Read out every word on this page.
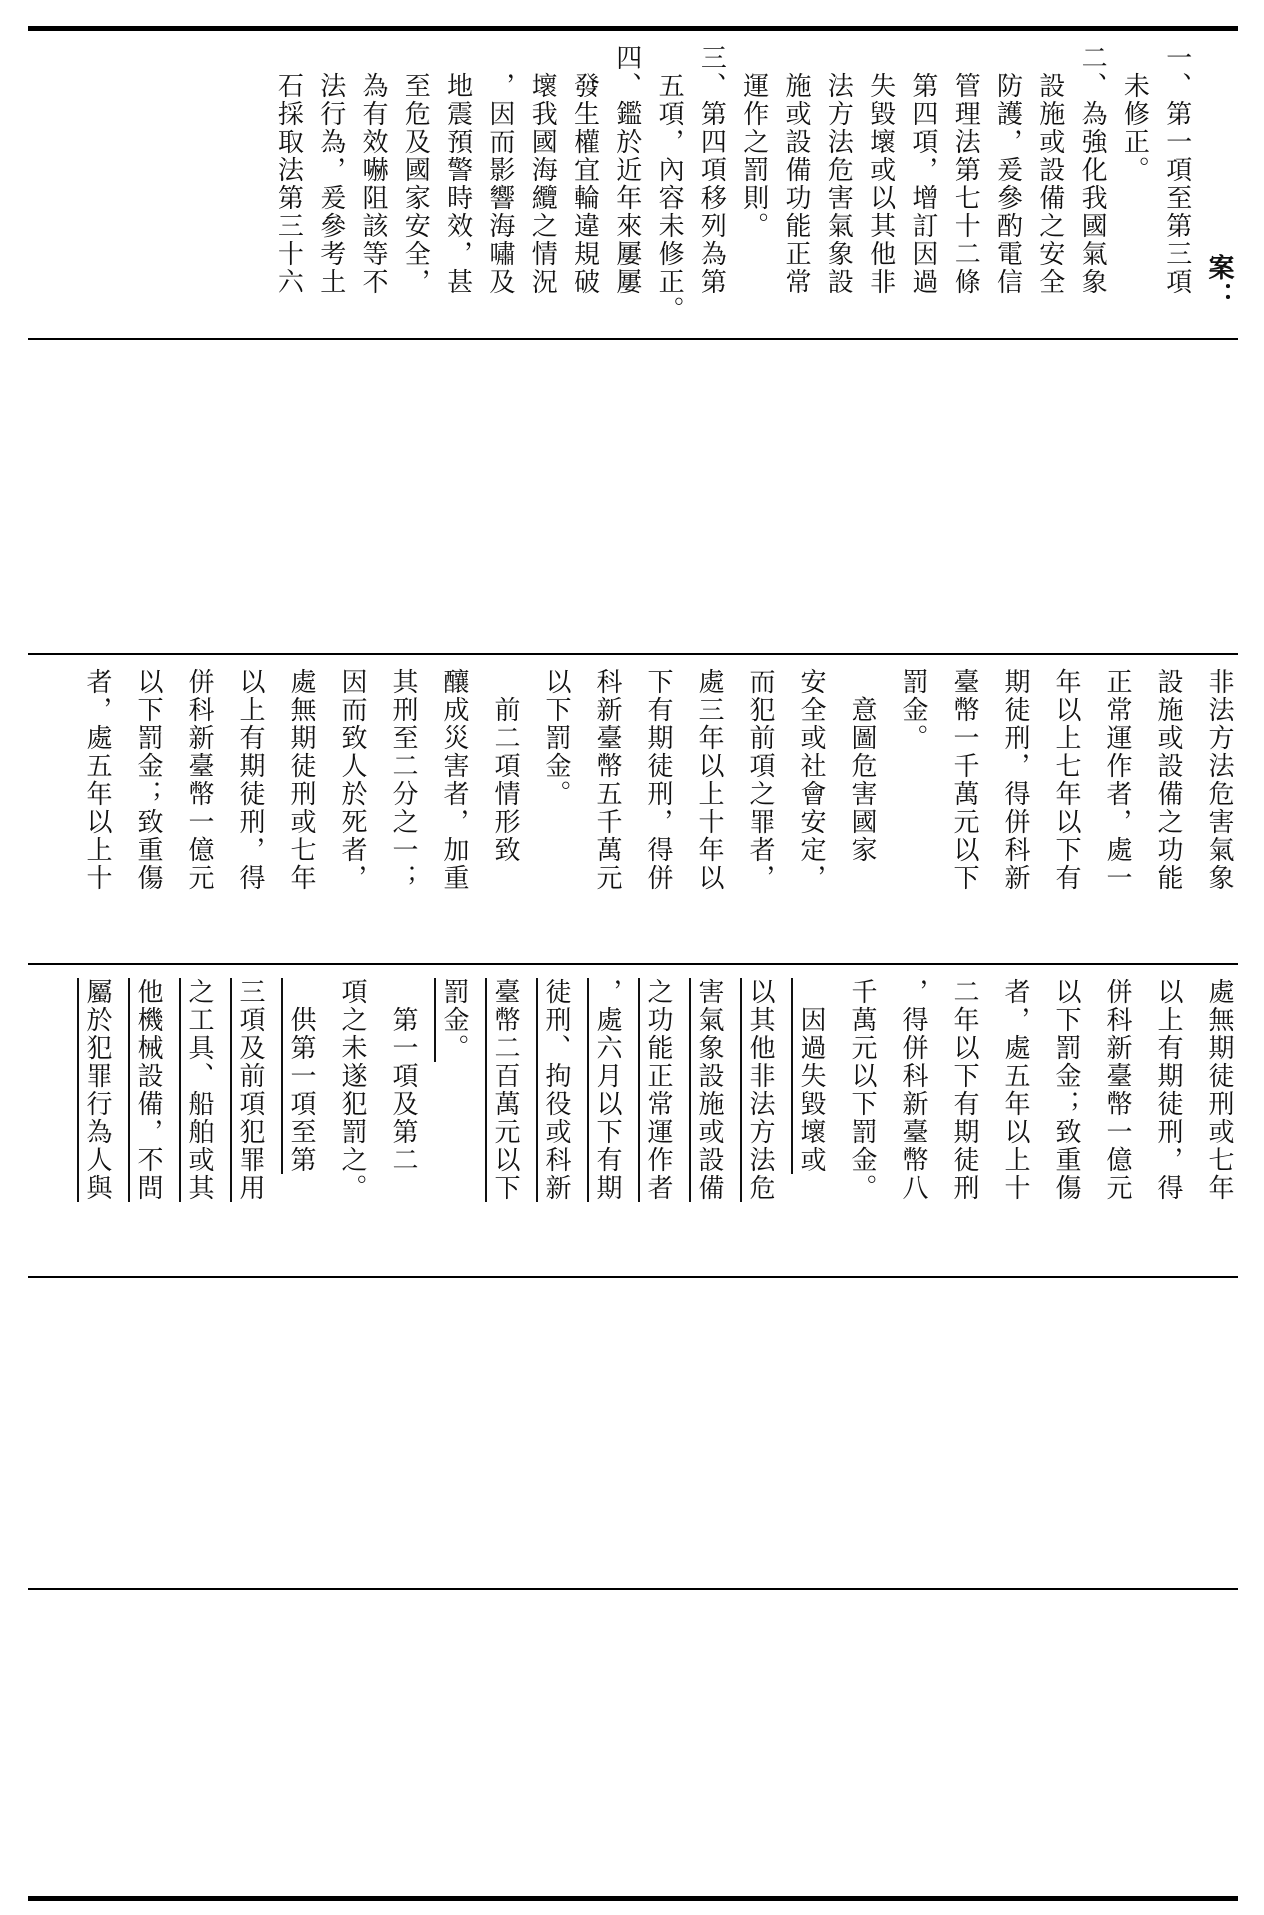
案：
一、第一項至第三項
　未修正。
二、為強化我國氣象
　設施或設備之安全
　防護，爰參酌電信
　管理法第七十二條
　第四項，增訂因過
　失毀壞或以其他非
　法方法危害氣象設
　施或設備功能正常
　運作之罰則。
三、第四項移列為第
　五項，內容未修正。
四、鑑於近年來屢屢
　發生權宜輪違規破
　壞我國海纜之情況
　，因而影響海嘯及
　地震預警時效，甚
　至危及國家安全，
　為有效嚇阻該等不
　法行為，爰參考土
　石採取法第三十六
非法方法危害氣象
設施或設備之功能
正常運作者，處一
年以上七年以下有
期徒刑，得併科新
臺幣一千萬元以下
罰金。
　意圖危害國家
安全或社會安定，
而犯前項之罪者，
處三年以上十年以
下有期徒刑，得併
科新臺幣五千萬元
以下罰金。
　前二項情形致
釀成災害者，加重
其刑至二分之一；
因而致人於死者，
處無期徒刑或七年
以上有期徒刑，得
併科新臺幣一億元
以下罰金；致重傷
者，處五年以上十
處無期徒刑或七年
以上有期徒刑，得
併科新臺幣一億元
以下罰金；致重傷
者，處五年以上十
二年以下有期徒刑
，得併科新臺幣八
千萬元以下罰金。
　因過失毀壞或
以其他非法方法危
害氣象設施或設備
之功能正常運作者
，處六月以下有期
徒刑、拘役或科新
臺幣二百萬元以下
罰金。
　第一項及第二
項之未遂犯罰之。
　供第一項至第
三項及前項犯罪用
之工具、船舶或其
他機械設備，不問
屬於犯罪行為人與
